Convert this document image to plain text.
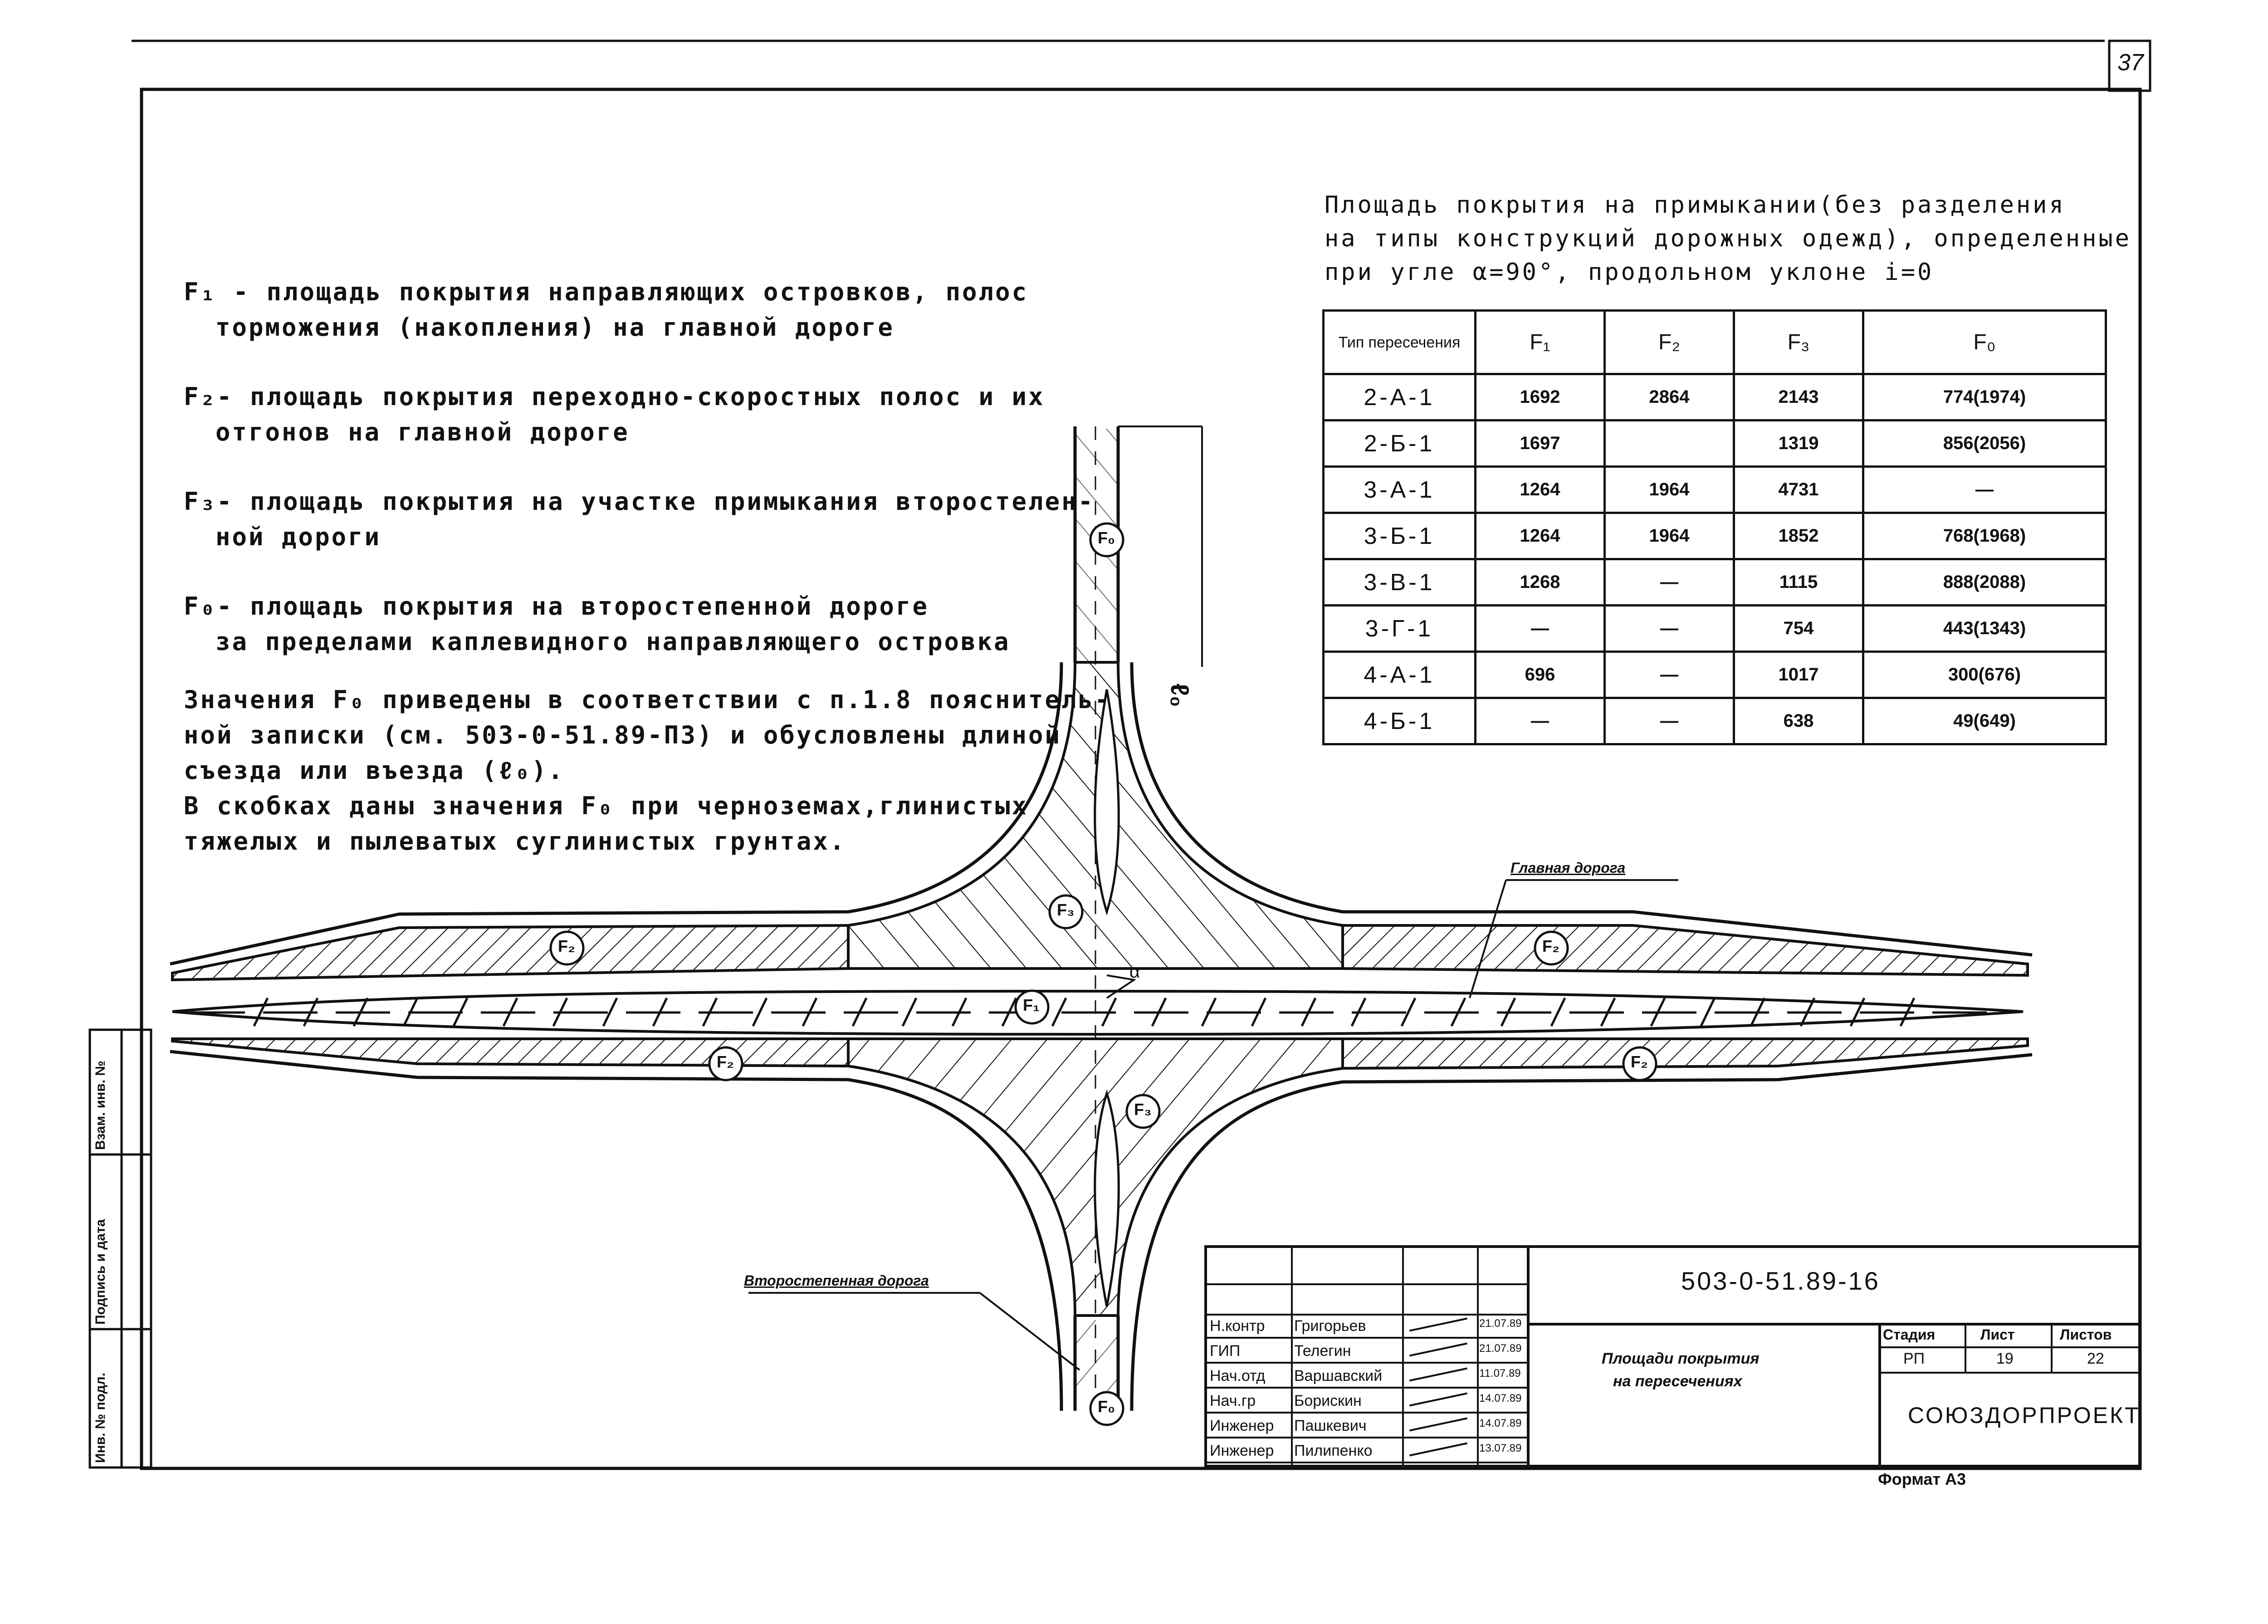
37

F₁ - площадь покрытия направляющих островков, полос

торможения (накопления) на главной дороге

F₂- площадь покрытия переходно-скоростных полос и их

отгонов на главной дороге

F₃- площадь покрытия на участке примыкания второстелен-

ной дороги

F₀- площадь покрытия на второстепенной дороге

за пределами каплевидного направляющего островка

Значения F₀ приведены в соответствии с п.1.8 пояснитель-

ной записки (см. 503-0-51.89-П3) и обусловлены длиной

съезда или въезда (ℓ₀).

В скобках даны значения F₀ при черноземах,глинистых

тяжелых и пылеватых суглинистых грунтах.

Площадь покрытия на примыкании(без разделения
на типы конструкций дорожных одежд), определенные
при угле α=90°, продольном уклоне i=0
Тип пересечения	F₁	F₂	F₃	F₀
2-А-1	1692	2864	2143	774(1974)
2-Б-1	1697		1319	856(2056)
3-А-1	1264	1964	4731	—
3-Б-1	1264	1964	1852	768(1968)
3-В-1	1268	—	1115	888(2088)
3-Г-1	—	—	754	443(1343)
4-А-1	696	—	1017	300(676)
4-Б-1	—	—	638	49(649)
Главная дорога
Второстепенная дорога
ℓ₀
α
F₀
F₃
F₂	F₂
F₁
F₂	F₂
F₃
F₀
Инв. № подл.
Подпись и дата
Взам. инв. №
Н.контр Григорьев	21.07.89
ГИП	Телегин	21.07.89
Нач.отд Варшавский	11.07.89
Нач.гр Борискин	14.07.89
Инженер Пашкевич	14.07.89
Инженер Пилипенко	13.07.89
503-0-51.89-16
Площади покрытия
на пересечениях
Стадия	Лист	Листов
РП	19	22
СОЮЗДОРПРОЕКТ
Формат А3
